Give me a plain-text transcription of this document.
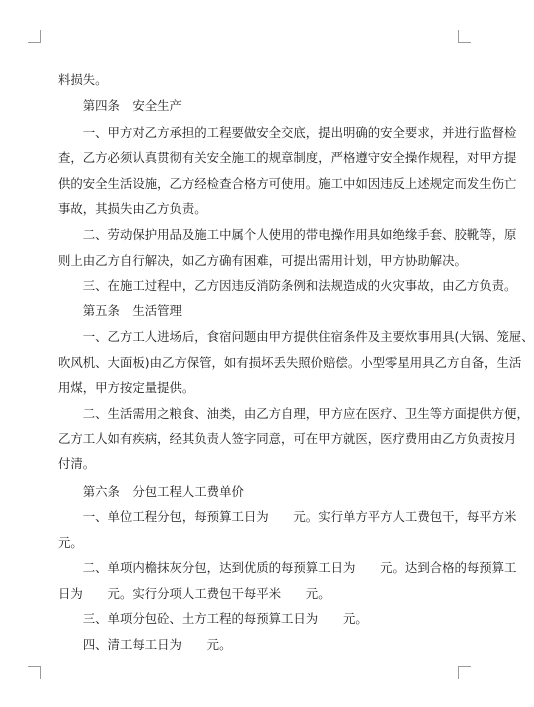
料损失。
　　第四条　安全生产
　　一、甲方对乙方承担的工程要做安全交底，提出明确的安全要求，并进行监督检
查，乙方必须认真贯彻有关安全施工的规章制度，严格遵守安全操作规程，对甲方提
供的安全生活设施，乙方经检查合格方可使用。施工中如因违反上述规定而发生伤亡
事故，其损失由乙方负责。
　　二、劳动保护用品及施工中属个人使用的带电操作用具如绝缘手套、胶靴等，原
则上由乙方自行解决，如乙方确有困难，可提出需用计划，甲方协助解决。
　　三、在施工过程中，乙方因违反消防条例和法规造成的火灾事故，由乙方负责。
　　第五条　生活管理
　　一、乙方工人进场后，食宿问题由甲方提供住宿条件及主要炊事用具(大锅、笼屉、
吹风机、大面板)由乙方保管，如有损坏丢失照价赔偿。小型零星用具乙方自备，生活
用煤，甲方按定量提供。
　　二、生活需用之粮食、油类，由乙方自理，甲方应在医疗、卫生等方面提供方便，
乙方工人如有疾病，经其负责人签字同意，可在甲方就医，医疗费用由乙方负责按月
付清。
　　第六条　分包工程人工费单价
　　一、单位工程分包，每预算工日为　　元。实行单方平方人工费包干，每平方米
元。
　　二、单项内檐抹灰分包，达到优质的每预算工日为　　元。达到合格的每预算工
日为　　元。实行分项人工费包干每平米　　元。
　　三、单项分包砼、土方工程的每预算工日为　　元。
　　四、清工每工日为　　元。
